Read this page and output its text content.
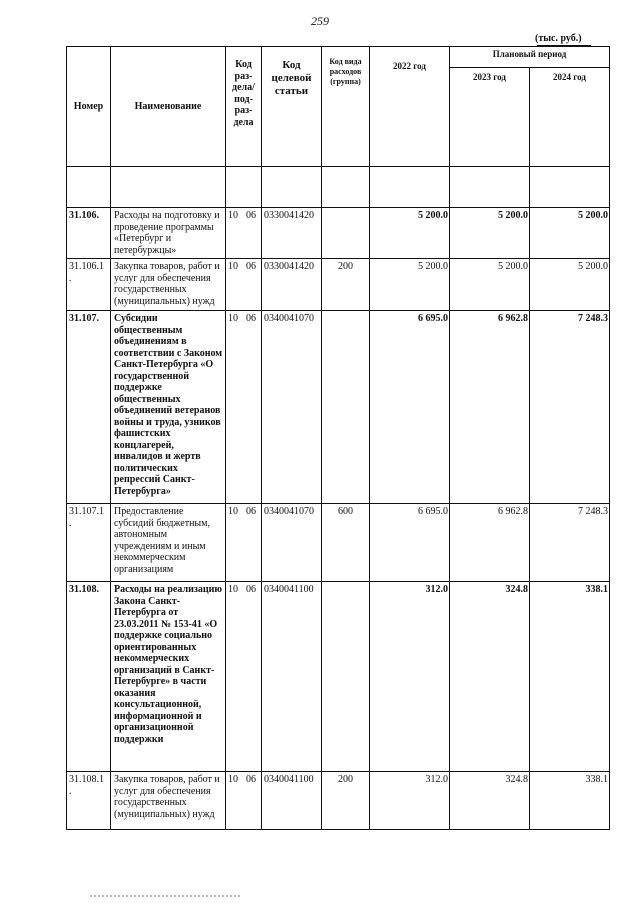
259
(тыс. руб.)
Номер	Наименование	Код раз-дела/ под-раз-дела	Код целевой статьи	Код вида расходов (группа)	2022 год	Плановый период	
						2023 год	2024 год

31.106.	Расходы на подготовку и проведение программы «Петербург и петербуржцы»	10 06	0330041420		5 200.0	5 200.0	5 200.0
31.106.1 .	Закупка товаров, работ и услуг для обеспечения государственных (муниципальных) нужд	10 06	0330041420	200	5 200.0	5 200.0	5 200.0
31.107.	Субсидии общественным объединениям в соответствии с Законом Санкт-Петербурга «О государственной поддержке общественных объединений ветеранов войны и труда, узников фашистских концлагерей, инвалидов и жертв политических репрессий Санкт-Петербурга»	10 06	0340041070		6 695.0	6 962.8	7 248.3
31.107.1 .	Предоставление субсидий бюджетным, автономным учреждениям и иным некоммерческим организациям	10 06	0340041070	600	6 695.0	6 962.8	7 248.3
31.108.	Расходы на реализацию Закона Санкт-Петербурга от 23.03.2011 № 153-41 «О поддержке социально ориентированных некоммерческих организаций в Санкт-Петербурге» в части оказания консультационной, информационной и организационной поддержки	10 06	0340041100		312.0	324.8	338.1
31.108.1 .	Закупка товаров, работ и услуг для обеспечения государственных (муниципальных) нужд	10 06	0340041100	200	312.0	324.8	338.1
